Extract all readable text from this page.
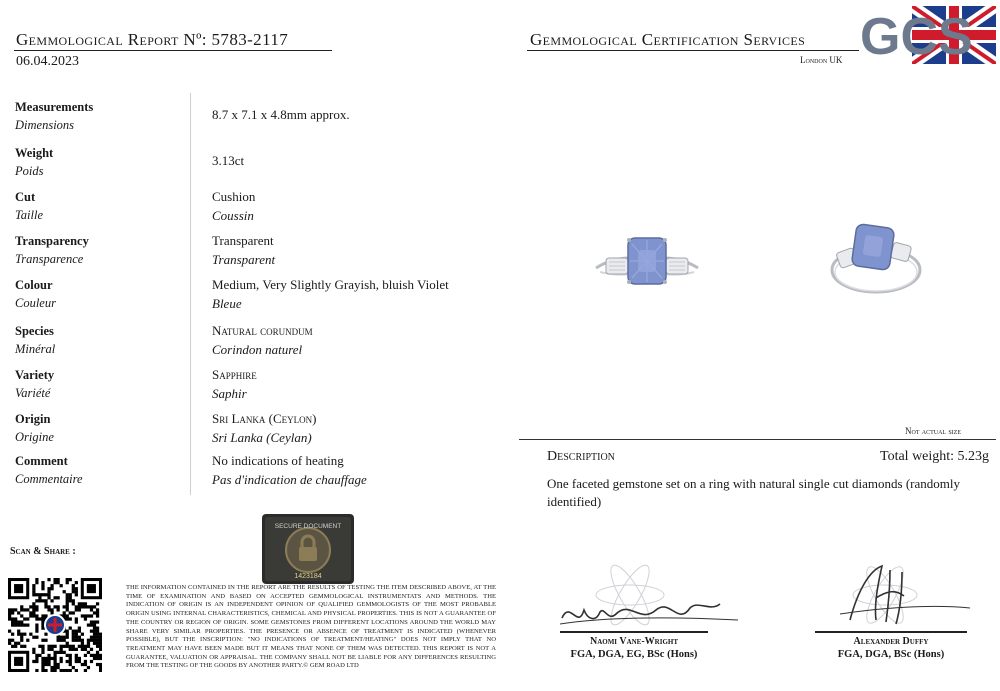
Gemmological Report Nº: 5783-2117
06.04.2023
Gemmological Certification Services
London UK GCS
Measurements
Dimensions
8.7 x 7.1 x 4.8mm approx.
Weight
Poids
3.13ct
Cut
Taille
Cushion
Coussin
Transparency
Transparence
Transparent
Transparent
Colour
Couleur
Medium, Very Slightly Grayish, bluish Violet
Bleue
Species
Minéral
Natural corundum
Corindon naturel
Variety
Variété
Sapphire
Saphir
Origin
Origine
Sri Lanka (Ceylon)
Sri Lanka (Ceylan)
Comment
Commentaire
No indications of heating
Pas d'indication de chauffage
Not actual size
Description	Total weight: 5.23g
One faceted gemstone set on a ring with natural single cut diamonds (randomly identified)
Scan & Share :
SECURE DOCUMENT
1423184
THE INFORMATION CONTAINED IN THE REPORT ARE THE RESULTS OF TESTING THE ITEM DESCRIBED ABOVE, AT THE TIME OF EXAMINATION AND BASED ON ACCEPTED GEMMOLOGICAL INSTRUMENTATS AND METHODS. THE INDICATION OF ORIGIN IS AN INDEPENDENT OPINION OF QUALIFIED GEMMOLOGISTS OF THE MOST PROBABLE ORIGIN USING INTERNAL CHARACTERISTICS, CHEMICAL AND PHYSICAL PROPERTIES. THIS IS NOT A GUARANTEE OF THE COUNTRY OR REGION OF ORIGIN. SOME GEMSTONES FROM DIFFERENT LOCATIONS AROUND THE WORLD MAY SHARE VERY SIMILAR PROPERTIES. THE PRESENCE OR ABSENCE OF TREATMENT IS INDICATED (WHENEVER POSSIBLE), BUT THE INSCRIPTION: "NO INDICATIONS OF TREATMENT/HEATING" DOES NOT IMPLY THAT NO TREATMENT MAY HAVE BEEN MADE BUT IT MEANS THAT NONE OF THEM WAS DETECTED. THIS REPORT IS NOT A GUARANTEE, VALUATION OR APPRAISAL. THE COMPANY SHALL NOT BE LIABLE FOR ANY DIFFERENCES RESULTING FROM THE TESTING OF THE GOODS BY ANOTHER PARTY.© GEM ROAD LTD
Naomi Vane-Wright
FGA, DGA, EG, BSc (Hons)
Alexander Duffy
FGA, DGA, BSc (Hons)
